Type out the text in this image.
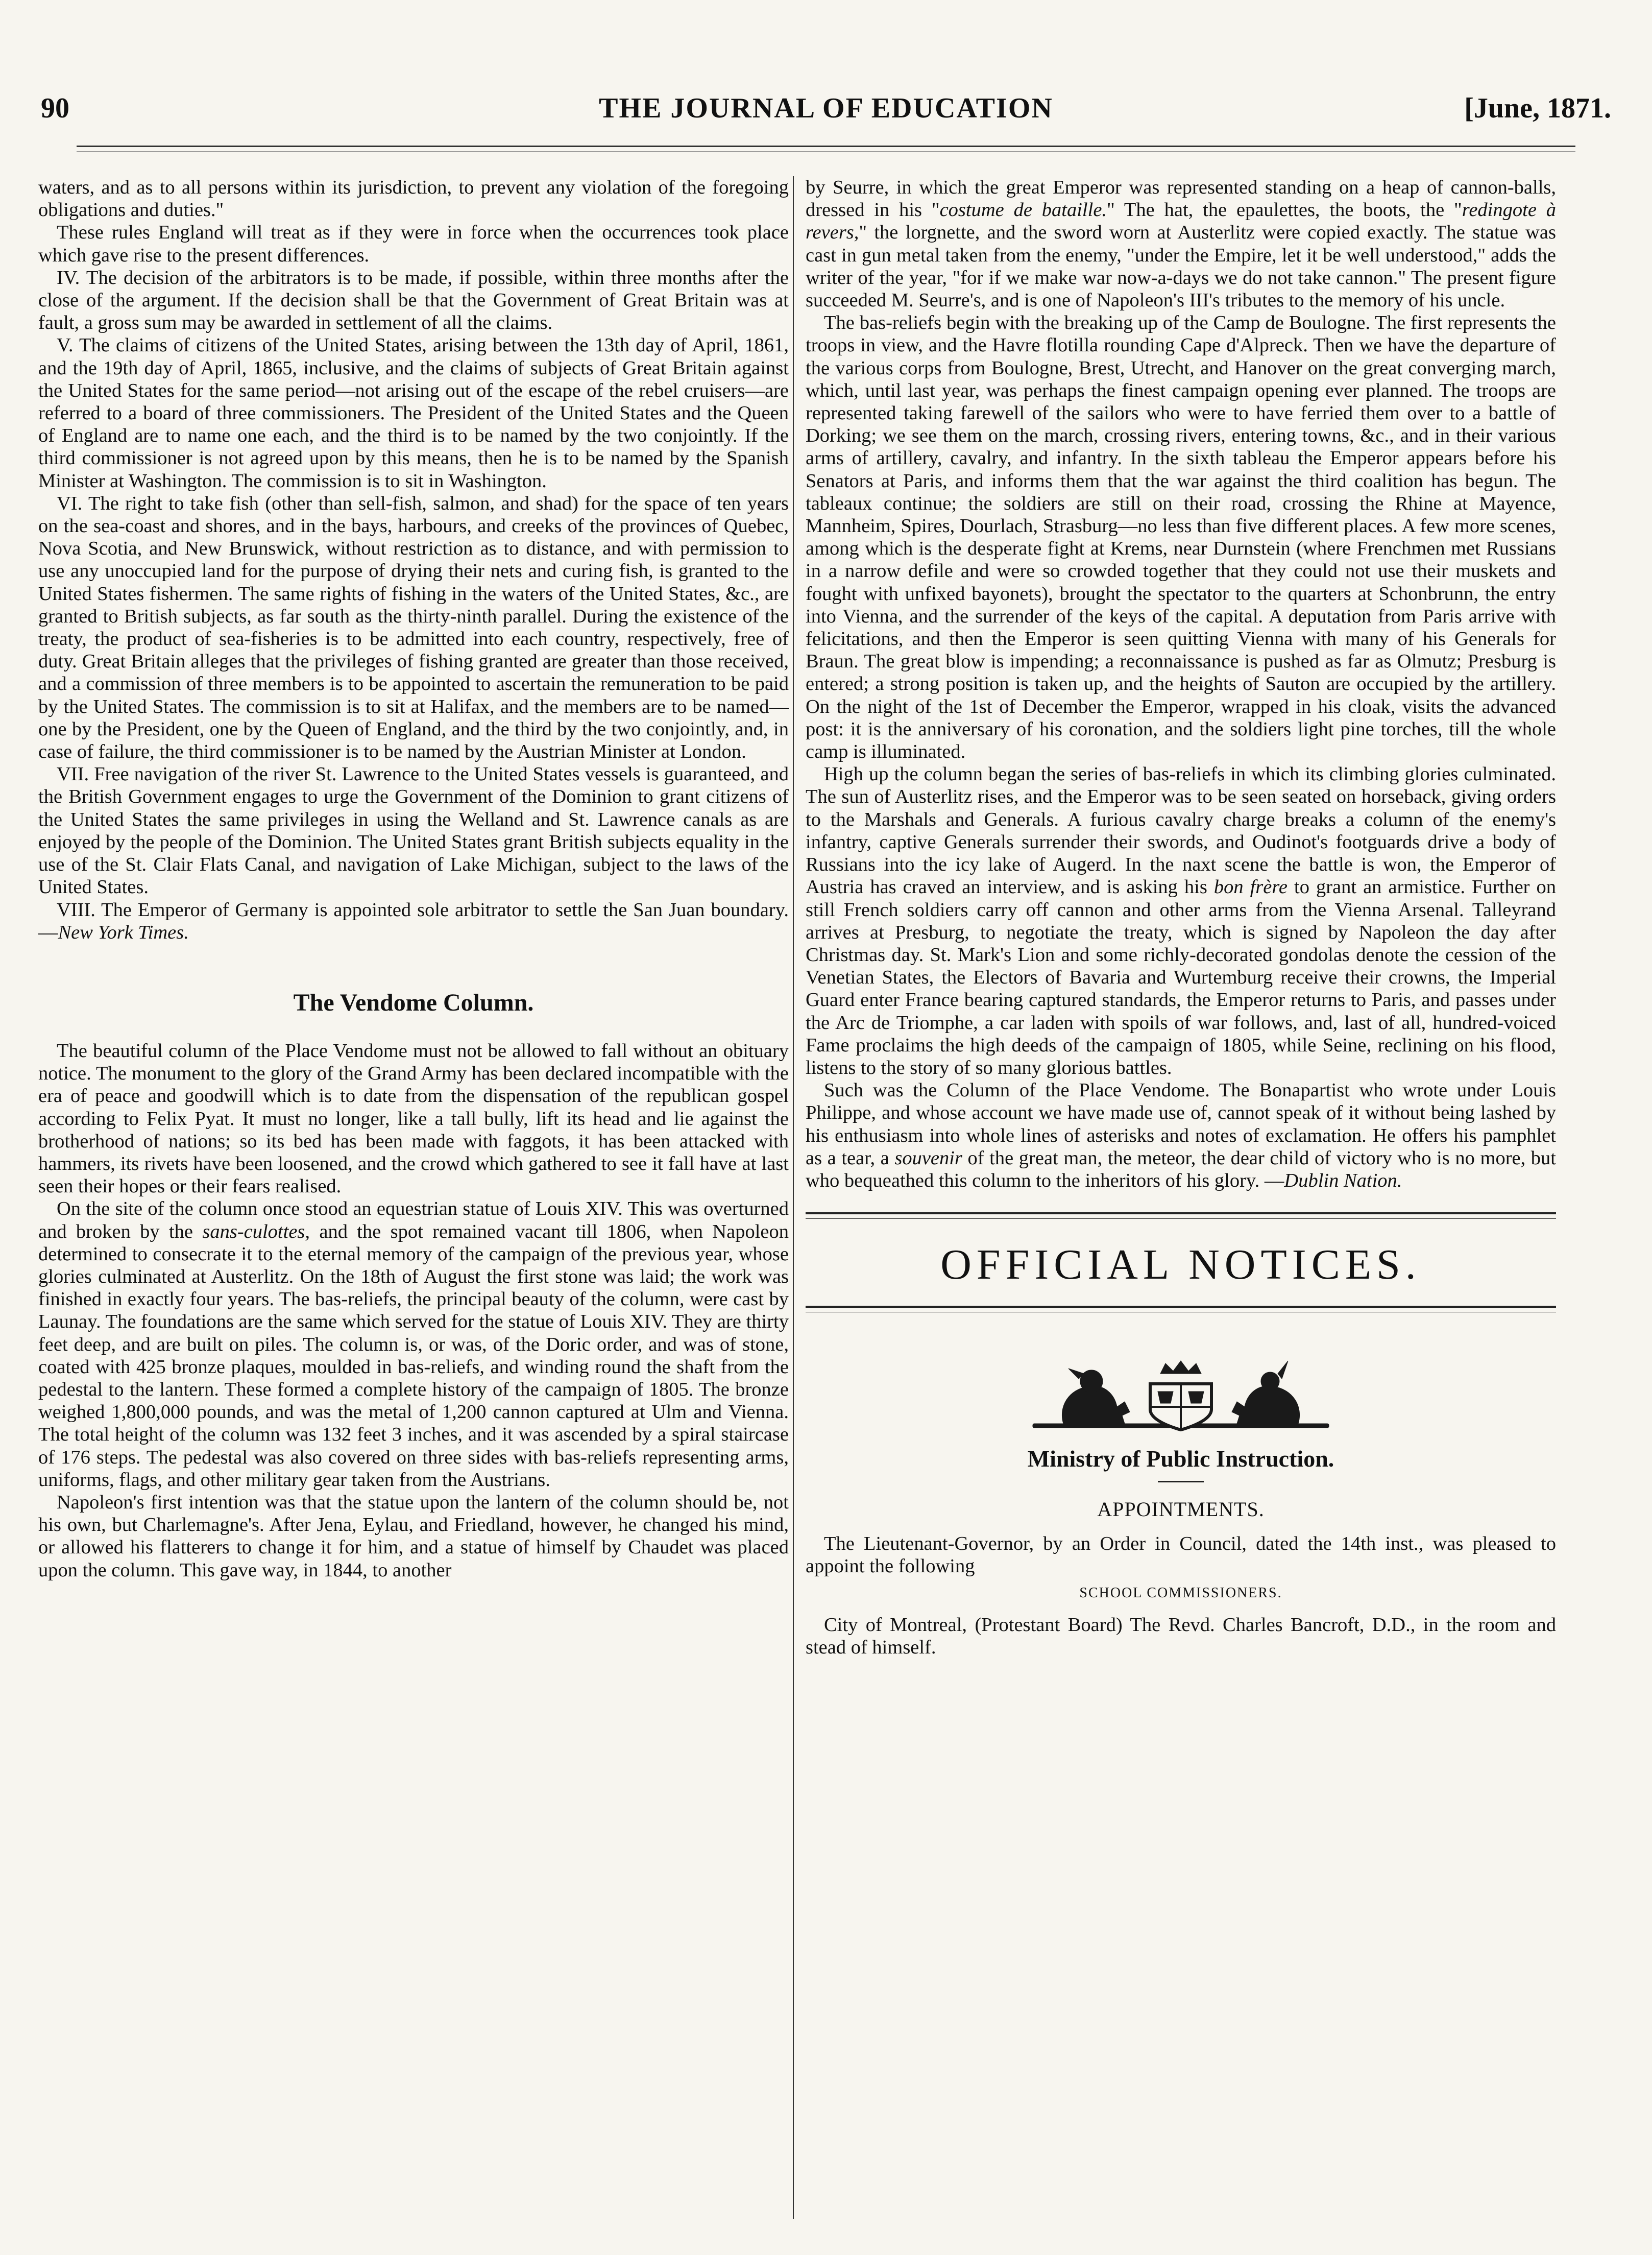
90	THE JOURNAL OF EDUCATION	[June, 1871.

waters, and as to all persons within its jurisdiction, to prevent any violation of the foregoing obligations and duties."

These rules England will treat as if they were in force when the occurrences took place which gave rise to the present differences.

IV. The decision of the arbitrators is to be made, if possible, within three months after the close of the argument. If the decision shall be that the Government of Great Britain was at fault, a gross sum may be awarded in settlement of all the claims.

V. The claims of citizens of the United States, arising between the 13th day of April, 1861, and the 19th day of April, 1865, inclusive, and the claims of subjects of Great Britain against the United States for the same period—not arising out of the escape of the rebel cruisers—are referred to a board of three commissioners. The President of the United States and the Queen of England are to name one each, and the third is to be named by the two conjointly. If the third commissioner is not agreed upon by this means, then he is to be named by the Spanish Minister at Washington. The commission is to sit in Washington.

VI. The right to take fish (other than sell-fish, salmon, and shad) for the space of ten years on the sea-coast and shores, and in the bays, harbours, and creeks of the provinces of Quebec, Nova Scotia, and New Brunswick, without restriction as to distance, and with permission to use any unoccupied land for the purpose of drying their nets and curing fish, is granted to the United States fishermen. The same rights of fishing in the waters of the United States, &c., are granted to British subjects, as far south as the thirty-ninth parallel. During the existence of the treaty, the product of sea-fisheries is to be admitted into each country, respectively, free of duty. Great Britain alleges that the privileges of fishing granted are greater than those received, and a commission of three members is to be appointed to ascertain the remuneration to be paid by the United States. The commission is to sit at Halifax, and the members are to be named—one by the President, one by the Queen of England, and the third by the two conjointly, and, in case of failure, the third commissioner is to be named by the Austrian Minister at London.

VII. Free navigation of the river St. Lawrence to the United States vessels is guaranteed, and the British Government engages to urge the Government of the Dominion to grant citizens of the United States the same privileges in using the Welland and St. Lawrence canals as are enjoyed by the people of the Dominion. The United States grant British subjects equality in the use of the St. Clair Flats Canal, and navigation of Lake Michigan, subject to the laws of the United States.

VIII. The Emperor of Germany is appointed sole arbitrator to settle the San Juan boundary.—New York Times.

The Vendome Column.

The beautiful column of the Place Vendome must not be allowed to fall without an obituary notice. The monument to the glory of the Grand Army has been declared incompatible with the era of peace and goodwill which is to date from the dispensation of the republican gospel according to Felix Pyat. It must no longer, like a tall bully, lift its head and lie against the brotherhood of nations; so its bed has been made with faggots, it has been attacked with hammers, its rivets have been loosened, and the crowd which gathered to see it fall have at last seen their hopes or their fears realised.

On the site of the column once stood an equestrian statue of Louis XIV. This was overturned and broken by the sans-culottes, and the spot remained vacant till 1806, when Napoleon determined to consecrate it to the eternal memory of the campaign of the previous year, whose glories culminated at Austerlitz. On the 18th of August the first stone was laid; the work was finished in exactly four years. The bas-reliefs, the principal beauty of the column, were cast by Launay. The foundations are the same which served for the statue of Louis XIV. They are thirty feet deep, and are built on piles. The column is, or was, of the Doric order, and was of stone, coated with 425 bronze plaques, moulded in bas-reliefs, and winding round the shaft from the pedestal to the lantern. These formed a complete history of the campaign of 1805. The bronze weighed 1,800,000 pounds, and was the metal of 1,200 cannon captured at Ulm and Vienna. The total height of the column was 132 feet 3 inches, and it was ascended by a spiral staircase of 176 steps. The pedestal was also covered on three sides with bas-reliefs representing arms, uniforms, flags, and other military gear taken from the Austrians.

Napoleon's first intention was that the statue upon the lantern of the column should be, not his own, but Charlemagne's. After Jena, Eylau, and Friedland, however, he changed his mind, or allowed his flatterers to change it for him, and a statue of himself by Chaudet was placed upon the column. This gave way, in 1844, to another

by Seurre, in which the great Emperor was represented standing on a heap of cannon-balls, dressed in his "costume de bataille." The hat, the epaulettes, the boots, the "redingote à revers," the lorgnette, and the sword worn at Austerlitz were copied exactly. The statue was cast in gun metal taken from the enemy, "under the Empire, let it be well understood," adds the writer of the year, "for if we make war now-a-days we do not take cannon." The present figure succeeded M. Seurre's, and is one of Napoleon's III's tributes to the memory of his uncle.

The bas-reliefs begin with the breaking up of the Camp de Boulogne. The first represents the troops in view, and the Havre flotilla rounding Cape d'Alpreck. Then we have the departure of the various corps from Boulogne, Brest, Utrecht, and Hanover on the great converging march, which, until last year, was perhaps the finest campaign opening ever planned. The troops are represented taking farewell of the sailors who were to have ferried them over to a battle of Dorking; we see them on the march, crossing rivers, entering towns, &c., and in their various arms of artillery, cavalry, and infantry. In the sixth tableau the Emperor appears before his Senators at Paris, and informs them that the war against the third coalition has begun. The tableaux continue; the soldiers are still on their road, crossing the Rhine at Mayence, Mannheim, Spires, Dourlach, Strasburg—no less than five different places. A few more scenes, among which is the desperate fight at Krems, near Durnstein (where Frenchmen met Russians in a narrow defile and were so crowded together that they could not use their muskets and fought with unfixed bayonets), brought the spectator to the quarters at Schonbrunn, the entry into Vienna, and the surrender of the keys of the capital. A deputation from Paris arrive with felicitations, and then the Emperor is seen quitting Vienna with many of his Generals for Braun. The great blow is impending; a reconnaissance is pushed as far as Olmutz; Presburg is entered; a strong position is taken up, and the heights of Sauton are occupied by the artillery. On the night of the 1st of December the Emperor, wrapped in his cloak, visits the advanced post: it is the anniversary of his coronation, and the soldiers light pine torches, till the whole camp is illuminated.

High up the column began the series of bas-reliefs in which its climbing glories culminated. The sun of Austerlitz rises, and the Emperor was to be seen seated on horseback, giving orders to the Marshals and Generals. A furious cavalry charge breaks a column of the enemy's infantry, captive Generals surrender their swords, and Oudinot's footguards drive a body of Russians into the icy lake of Augerd. In the naxt scene the battle is won, the Emperor of Austria has craved an interview, and is asking his bon frère to grant an armistice. Further on still French soldiers carry off cannon and other arms from the Vienna Arsenal. Talleyrand arrives at Presburg, to negotiate the treaty, which is signed by Napoleon the day after Christmas day. St. Mark's Lion and some richly-decorated gondolas denote the cession of the Venetian States, the Electors of Bavaria and Wurtemburg receive their crowns, the Imperial Guard enter France bearing captured standards, the Emperor returns to Paris, and passes under the Arc de Triomphe, a car laden with spoils of war follows, and, last of all, hundred-voiced Fame proclaims the high deeds of the campaign of 1805, while Seine, reclining on his flood, listens to the story of so many glorious battles.

Such was the Column of the Place Vendome. The Bonapartist who wrote under Louis Philippe, and whose account we have made use of, cannot speak of it without being lashed by his enthusiasm into whole lines of asterisks and notes of exclamation. He offers his pamphlet as a tear, a souvenir of the great man, the meteor, the dear child of victory who is no more, but who bequeathed this column to the inheritors of his glory. —Dublin Nation.

OFFICIAL NOTICES.
Ministry of Public Instruction.
APPOINTMENTS.

The Lieutenant-Governor, by an Order in Council, dated the 14th inst., was pleased to appoint the following

SCHOOL COMMISSIONERS.

City of Montreal, (Protestant Board) The Revd. Charles Bancroft, D.D., in the room and stead of himself.
